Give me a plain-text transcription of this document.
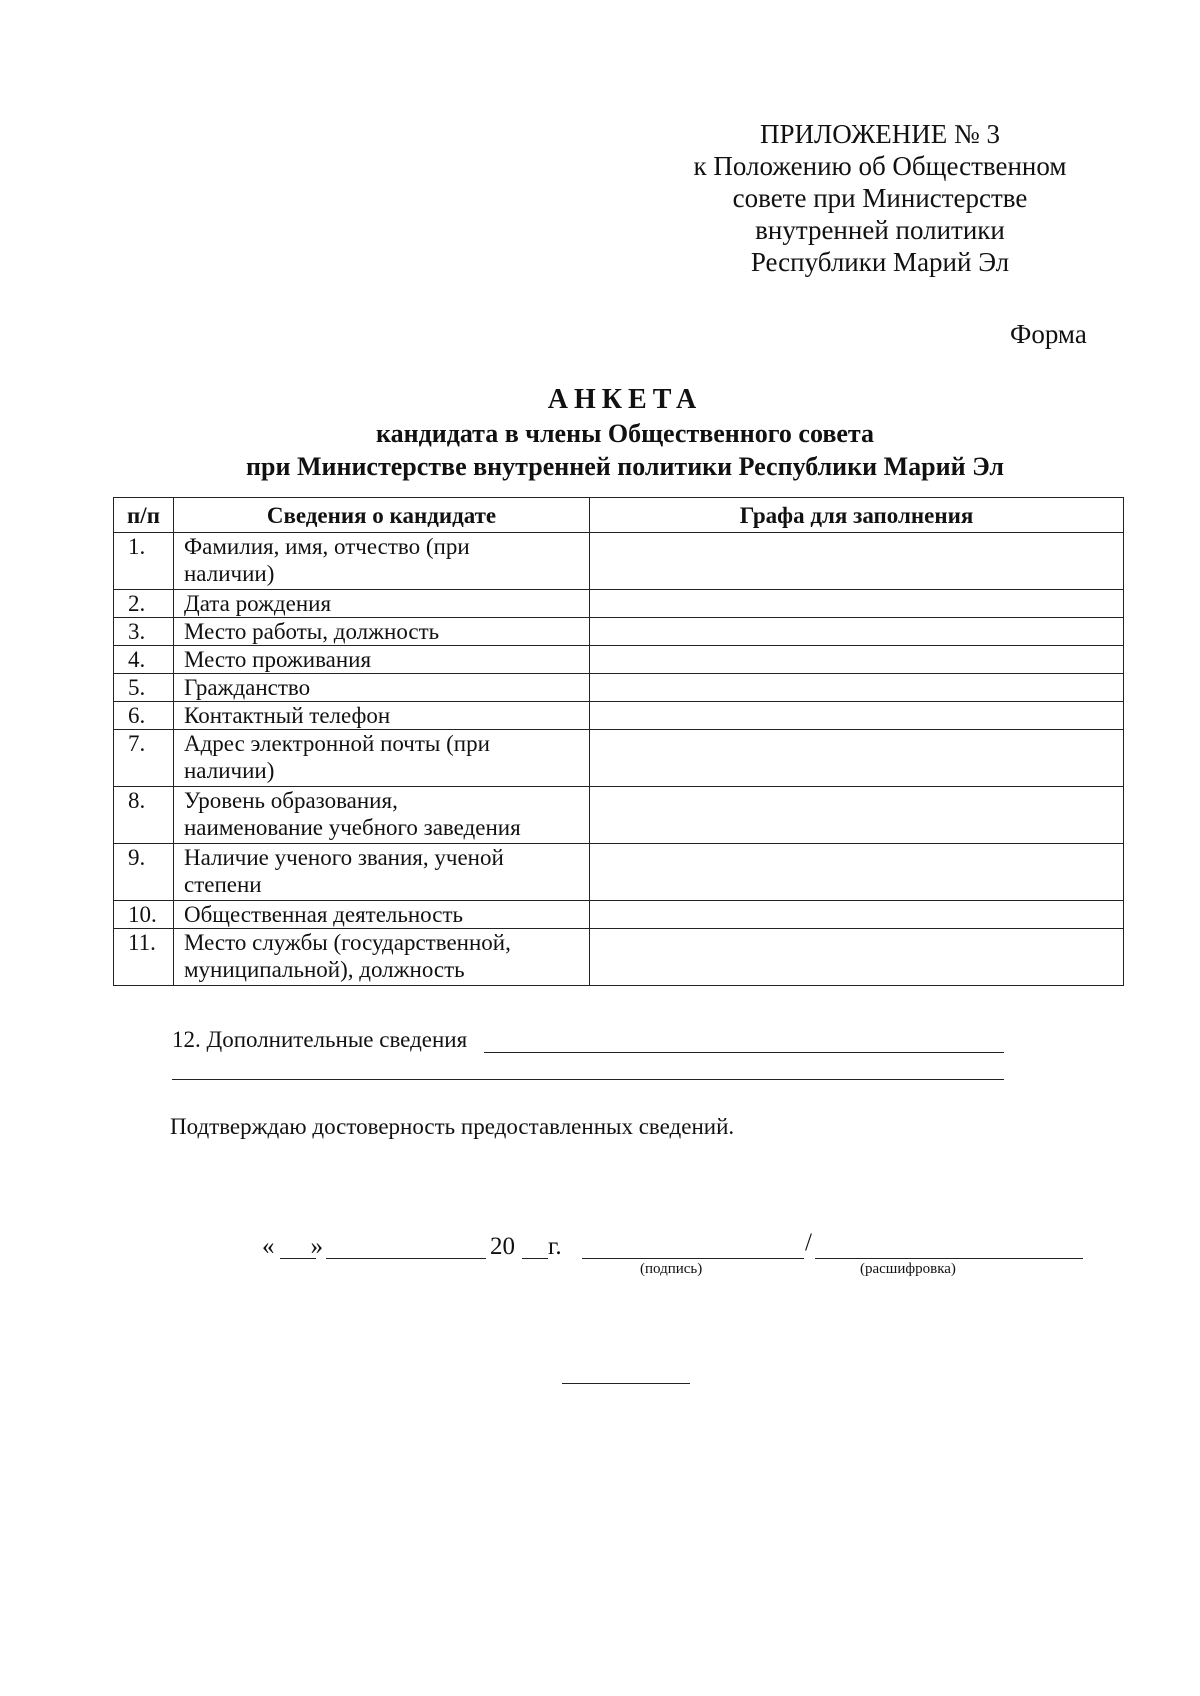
ПРИЛОЖЕНИЕ № 3
к Положению об Общественном
совете при Министерстве
внутренней политики
Республики Марий Эл
Форма
АНКЕТА
кандидата в члены Общественного совета
при Министерстве внутренней политики Республики Марий Эл
п/п	Сведения о кандидате	Графа для заполнения
1.	Фамилия, имя, отчество (при
наличии)	

2.	Дата рождения	

3.	Место работы, должность	

4.	Место проживания	

5.	Гражданство	

6.	Контактный телефон	

7.	Адрес электронной почты (при
наличии)	

8.	Уровень образования,
наименование учебного заведения	

9.	Наличие ученого звания, ученой
степени	

10.	Общественная деятельность	

11.	Место службы (государственной,
муниципальной), должность	

12. Дополнительные сведения
Подтверждаю достоверность предоставленных сведений.
« »	20 г.	/
(подпись)	(расшифровка)
